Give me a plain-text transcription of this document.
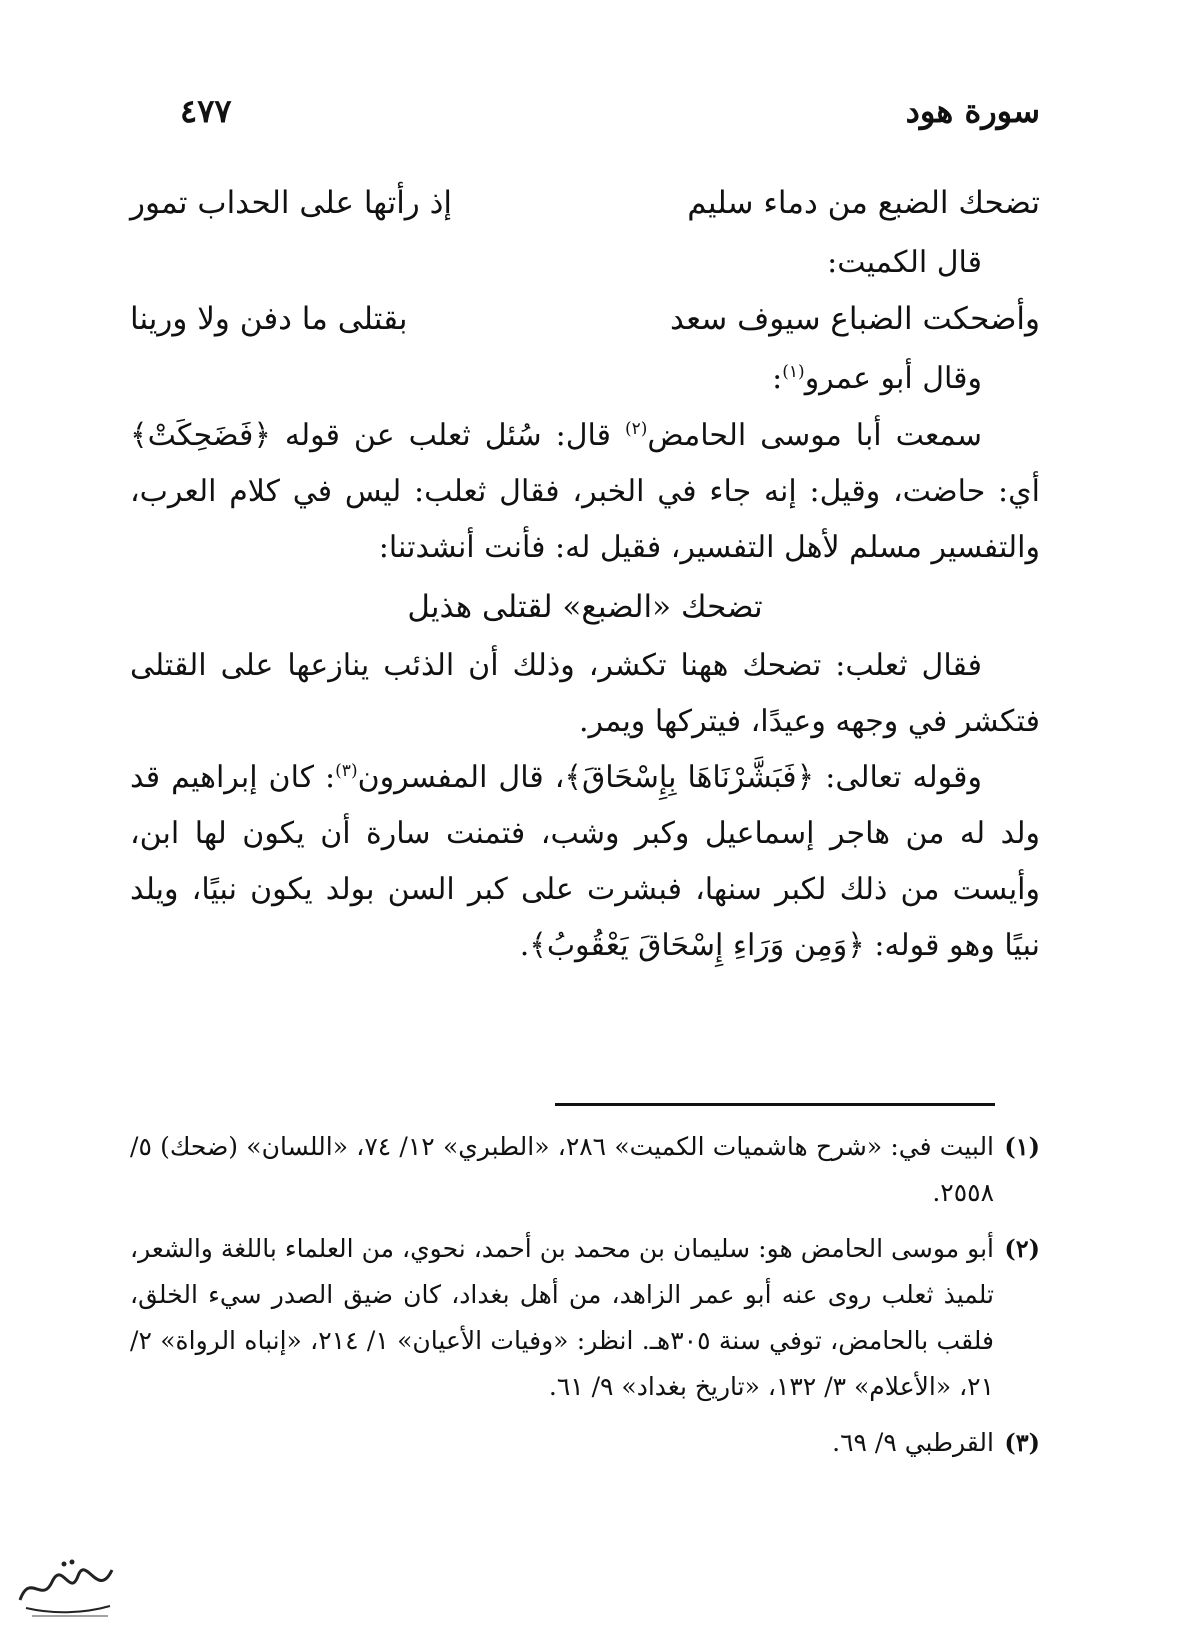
سورة هود
٤٧٧
تضحك الضبع من دماء سليم
إذ رأتها على الحداب تمور
قال الكميت:
وأضحكت الضباع سيوف سعد
بقتلى ما دفن ولا ورينا
وقال أبو عمرو$^{(١)}$:

سمعت أبا موسى الحامض$^{(٢)}$ قال: سُئل ثعلب عن قوله ﴿فَضَحِكَتْ﴾ أي: حاضت، وقيل: إنه جاء في الخبر، فقال ثعلب: ليس في كلام العرب، والتفسير مسلم لأهل التفسير، فقيل له: فأنت أنشدتنا:

تضحك «الضبع» لقتلى هذيل

فقال ثعلب: تضحك ههنا تكشر، وذلك أن الذئب ينازعها على القتلى فتكشر في وجهه وعيدًا، فيتركها ويمر.

وقوله تعالى: ﴿فَبَشَّرْنَاهَا بِإِسْحَاقَ﴾، قال المفسرون$^{(٣)}$: كان إبراهيم قد ولد له من هاجر إسماعيل وكبر وشب، فتمنت سارة أن يكون لها ابن، وأيست من ذلك لكبر سنها، فبشرت على كبر السن بولد يكون نبيًا، ويلد نبيًا وهو قوله: ﴿وَمِن وَرَاءِ إِسْحَاقَ يَعْقُوبُ﴾.

(١)
البيت في: «شرح هاشميات الكميت» ٢٨٦، «الطبري» ١٢/ ٧٤، «اللسان» (ضحك) ٥/ ٢٥٥٨.
(٢)
أبو موسى الحامض هو: سليمان بن محمد بن أحمد، نحوي، من العلماء باللغة والشعر، تلميذ ثعلب روى عنه أبو عمر الزاهد، من أهل بغداد، كان ضيق الصدر سيء الخلق، فلقب بالحامض، توفي سنة ٣٠٥هـ. انظر: «وفيات الأعيان» ١/ ٢١٤، «إنباه الرواة» ٢/ ٢١، «الأعلام» ٣/ ١٣٢، «تاريخ بغداد» ٩/ ٦١.
(٣)
القرطبي ٩/ ٦٩.
